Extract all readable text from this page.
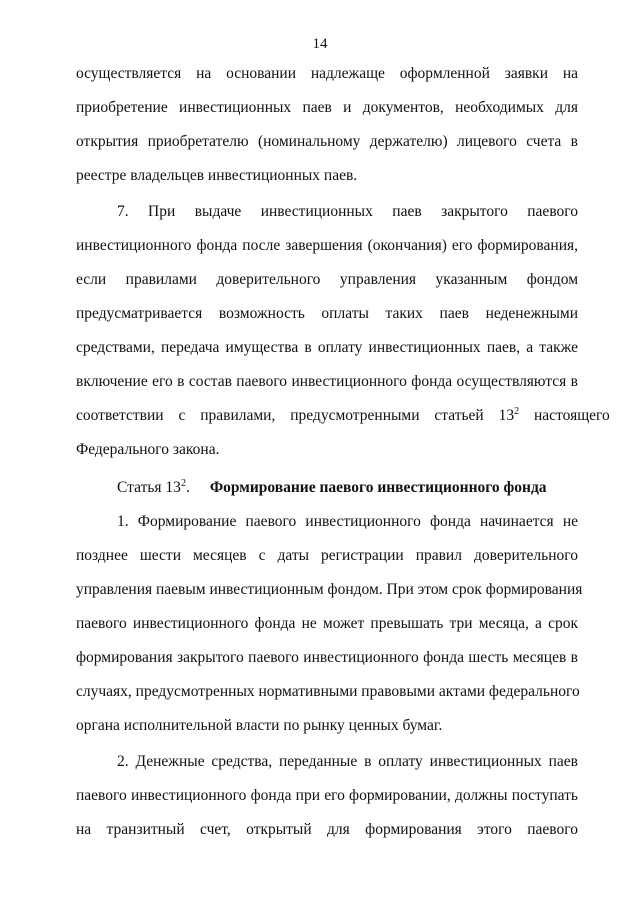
14
осуществляется на основании надлежаще оформленной заявки на
приобретение инвестиционных паев и документов, необходимых для
открытия приобретателю (номинальному держателю) лицевого счета в
реестре владельцев инвестиционных паев.
7. При выдаче инвестиционных паев закрытого паевого
инвестиционного фонда после завершения (окончания) его формирования,
если правилами доверительного управления указанным фондом
предусматривается возможность оплаты таких паев неденежными
средствами, передача имущества в оплату инвестиционных паев, а также
включение его в состав паевого инвестиционного фонда осуществляются в
соответствии с правилами, предусмотренными статьей $13^2$ настоящего
Федерального закона.
Статья $13^2$. Формирование паевого инвестиционного фонда
1. Формирование паевого инвестиционного фонда начинается не
позднее шести месяцев с даты регистрации правил доверительного
управления паевым инвестиционным фондом. При этом срок формирования
паевого инвестиционного фонда не может превышать три месяца, а срок
формирования закрытого паевого инвестиционного фонда шесть месяцев в
случаях, предусмотренных нормативными правовыми актами федерального
органа исполнительной власти по рынку ценных бумаг.
2. Денежные средства, переданные в оплату инвестиционных паев
паевого инвестиционного фонда при его формировании, должны поступать
на транзитный счет, открытый для формирования этого паевого
